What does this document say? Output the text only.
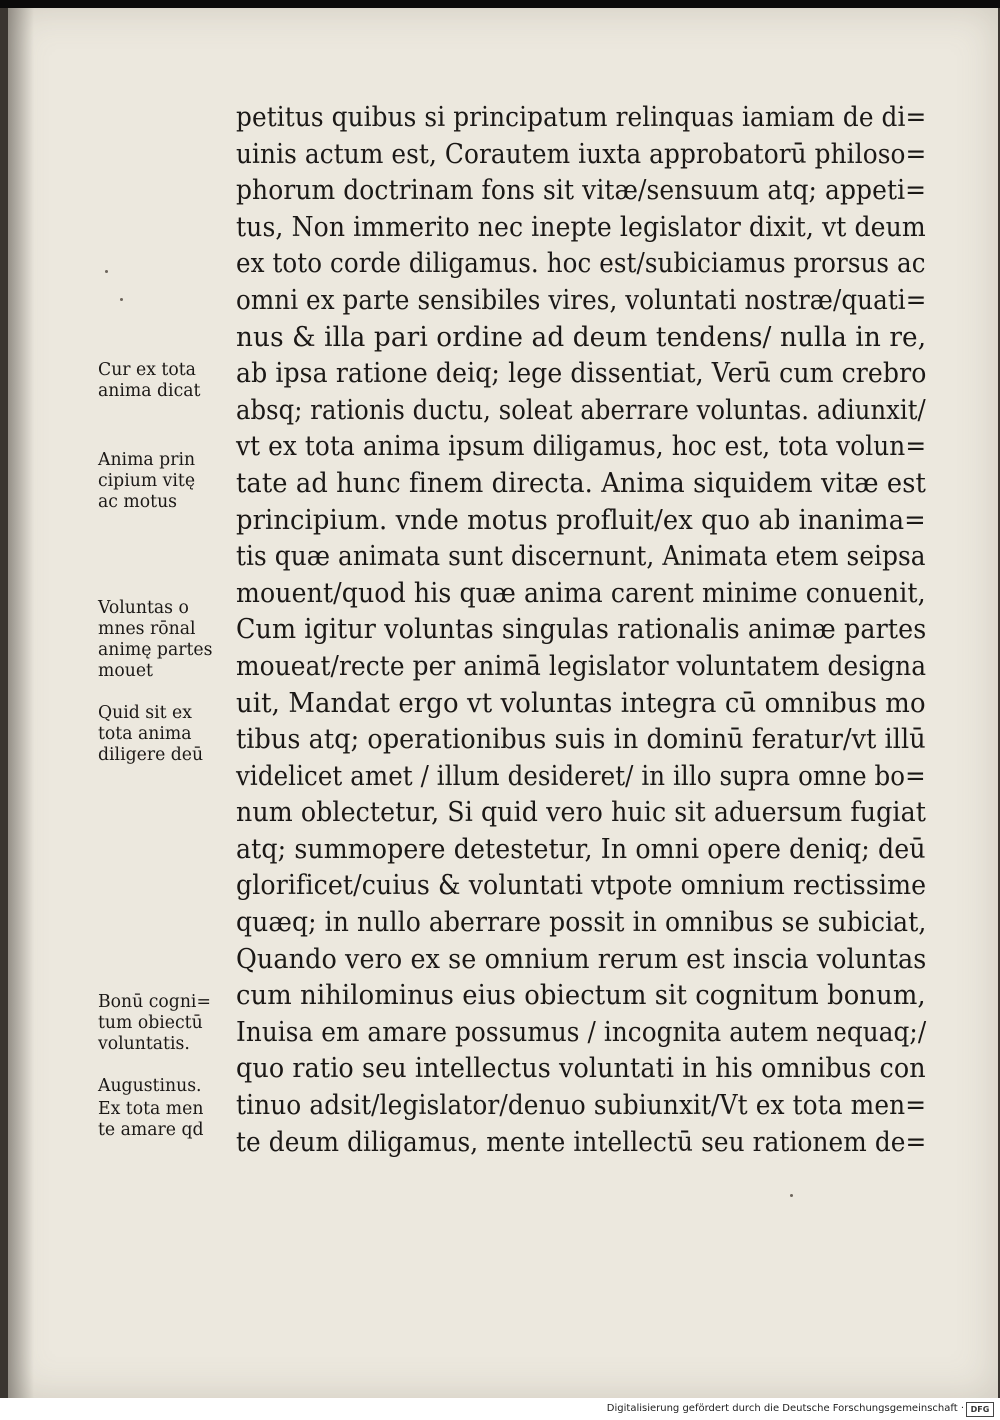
Cur ex tota
anima dicat
Anima prin
cipium vitę
ac motus
Voluntas o
mnes rōnal
animę partes
mouet
Quid sit ex
tota anima
diligere deū
Bonū cogni=
tum obiectū
voluntatis.
Augustinus.
Ex tota men
te amare qd
petitus quibus si principatum relinquas iamiam de di=
uinis actum est, Corautem iuxta approbatorū philoso=
phorum doctrinam fons sit vitæ/sensuum atq; appeti=
tus, Non immerito nec inepte legislator dixit, vt deum
ex toto corde diligamus. hoc est/subiciamus prorsus ac
omni ex parte sensibiles vires, voluntati nostræ/quati=
nus & illa pari ordine ad deum tendens/ nulla in re,
ab ipsa ratione deiq; lege dissentiat, Verū cum crebro
absq; rationis ductu, soleat aberrare voluntas. adiunxit/
vt ex tota anima ipsum diligamus, hoc est, tota volun=
tate ad hunc finem directa. Anima siquidem vitæ est
principium. vnde motus profluit/ex quo ab inanima=
tis quæ animata sunt discernunt, Animata etem seipsa
mouent/quod his quæ anima carent minime conuenit,
Cum igitur voluntas singulas rationalis animæ partes
moueat/recte per animā legislator voluntatem designa
uit, Mandat ergo vt voluntas integra cū omnibus mo
tibus atq; operationibus suis in dominū feratur/vt illū
videlicet amet / illum desideret/ in illo supra omne bo=
num oblectetur, Si quid vero huic sit aduersum fugiat
atq; summopere detestetur, In omni opere deniq; deū
glorificet/cuius & voluntati vtpote omnium rectissime
quæq; in nullo aberrare possit in omnibus se subiciat,
Quando vero ex se omnium rerum est inscia voluntas
cum nihilominus eius obiectum sit cognitum bonum,
Inuisa em amare possumus / incognita autem nequaq;/
quo ratio seu intellectus voluntati in his omnibus con
tinuo adsit/legislator/denuo subiunxit/Vt ex tota men=
te deum diligamus, mente intellectū seu rationem de=
Digitalisierung gefördert durch die Deutsche Forschungsgemeinschaft · DFG
